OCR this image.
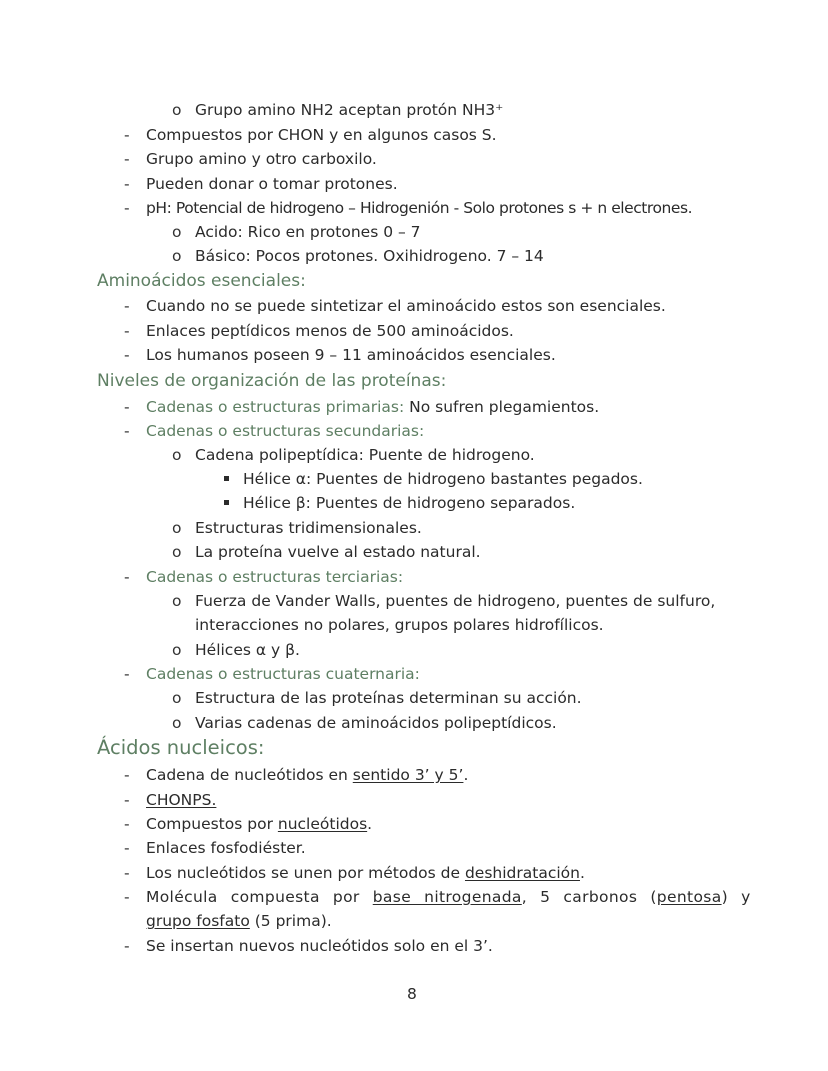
o Grupo amino NH2 aceptan protón NH3⁺
- Compuestos por CHON y en algunos casos S.
- Grupo amino y otro carboxilo.
- Pueden donar o tomar protones.
- pH: Potencial de hidrogeno – Hidrogenión - Solo protones s + n electrones.
o Acido: Rico en protones 0 – 7
o Básico: Pocos protones. Oxihidrogeno. 7 – 14
Aminoácidos esenciales:
- Cuando no se puede sintetizar el aminoácido estos son esenciales.
- Enlaces peptídicos menos de 500 aminoácidos.
- Los humanos poseen 9 – 11 aminoácidos esenciales.
Niveles de organización de las proteínas:
- Cadenas o estructuras primarias: No sufren plegamientos.
- Cadenas o estructuras secundarias:
o Cadena polipeptídica: Puente de hidrogeno.
Hélice α: Puentes de hidrogeno bastantes pegados.
Hélice β: Puentes de hidrogeno separados.
o Estructuras tridimensionales.
o La proteína vuelve al estado natural.
- Cadenas o estructuras terciarias:
o Fuerza de Vander Walls, puentes de hidrogeno, puentes de sulfuro,
interacciones no polares, grupos polares hidrofílicos.
o Hélices α y β.
- Cadenas o estructuras cuaternaria:
o Estructura de las proteínas determinan su acción.
o Varias cadenas de aminoácidos polipeptídicos.
Ácidos nucleicos:
- Cadena de nucleótidos en sentido 3’ y 5’.
- CHONPS.
- Compuestos por nucleótidos.
- Enlaces fosfodiéster.
- Los nucleótidos se unen por métodos de deshidratación.
- Molécula compuesta por base nitrogenada, 5 carbonos (pentosa) y
grupo fosfato (5 prima).
- Se insertan nuevos nucleótidos solo en el 3’.
8
